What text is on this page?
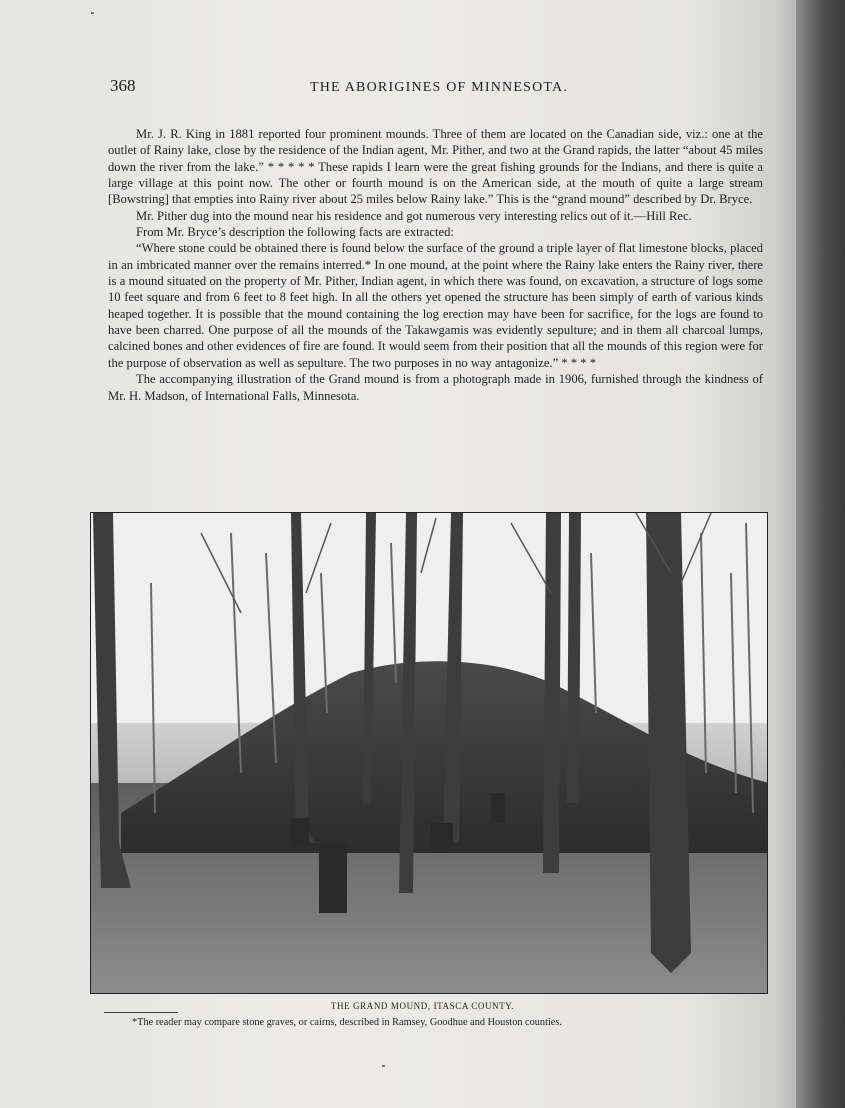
368	THE ABORIGINES OF MINNESOTA.

Mr. J. R. King in 1881 reported four prominent mounds. Three of them are located on the Canadian side, viz.: one at the outlet of Rainy lake, close by the residence of the Indian agent, Mr. Pither, and two at the Grand rapids, the latter “about 45 miles down the river from the lake.” * * * * * These rapids I learn were the great fishing grounds for the Indians, and there is quite a large village at this point now. The other or fourth mound is on the American side, at the mouth of quite a large stream [Bowstring] that empties into Rainy river about 25 miles below Rainy lake.” This is the “grand mound” described by Dr. Bryce.

Mr. Pither dug into the mound near his residence and got numerous very interesting relics out of it.—Hill Rec.

From Mr. Bryce’s description the following facts are extracted:

“Where stone could be obtained there is found below the surface of the ground a triple layer of flat limestone blocks, placed in an imbricated manner over the remains interred.* In one mound, at the point where the Rainy lake enters the Rainy river, there is a mound situated on the property of Mr. Pither, Indian agent, in which there was found, on excavation, a structure of logs some 10 feet square and from 6 feet to 8 feet high. In all the others yet opened the structure has been simply of earth of various kinds heaped together. It is possible that the mound containing the log erection may have been for sacrifice, for the logs are found to have been charred. One purpose of all the mounds of the Takawgamis was evidently sepulture; and in them all charcoal lumps, calcined bones and other evidences of fire are found. It would seem from their position that all the mounds of this region were for the purpose of observation as well as sepulture. The two purposes in no way antagonize.” * * * *

The accompanying illustration of the Grand mound is from a photograph made in 1906, furnished through the kindness of Mr. H. Madson, of International Falls, Minnesota.

THE GRAND MOUND, ITASCA COUNTY.
*The reader may compare stone graves, or cairns, described in Ramsey, Goodhue and Houston counties.
